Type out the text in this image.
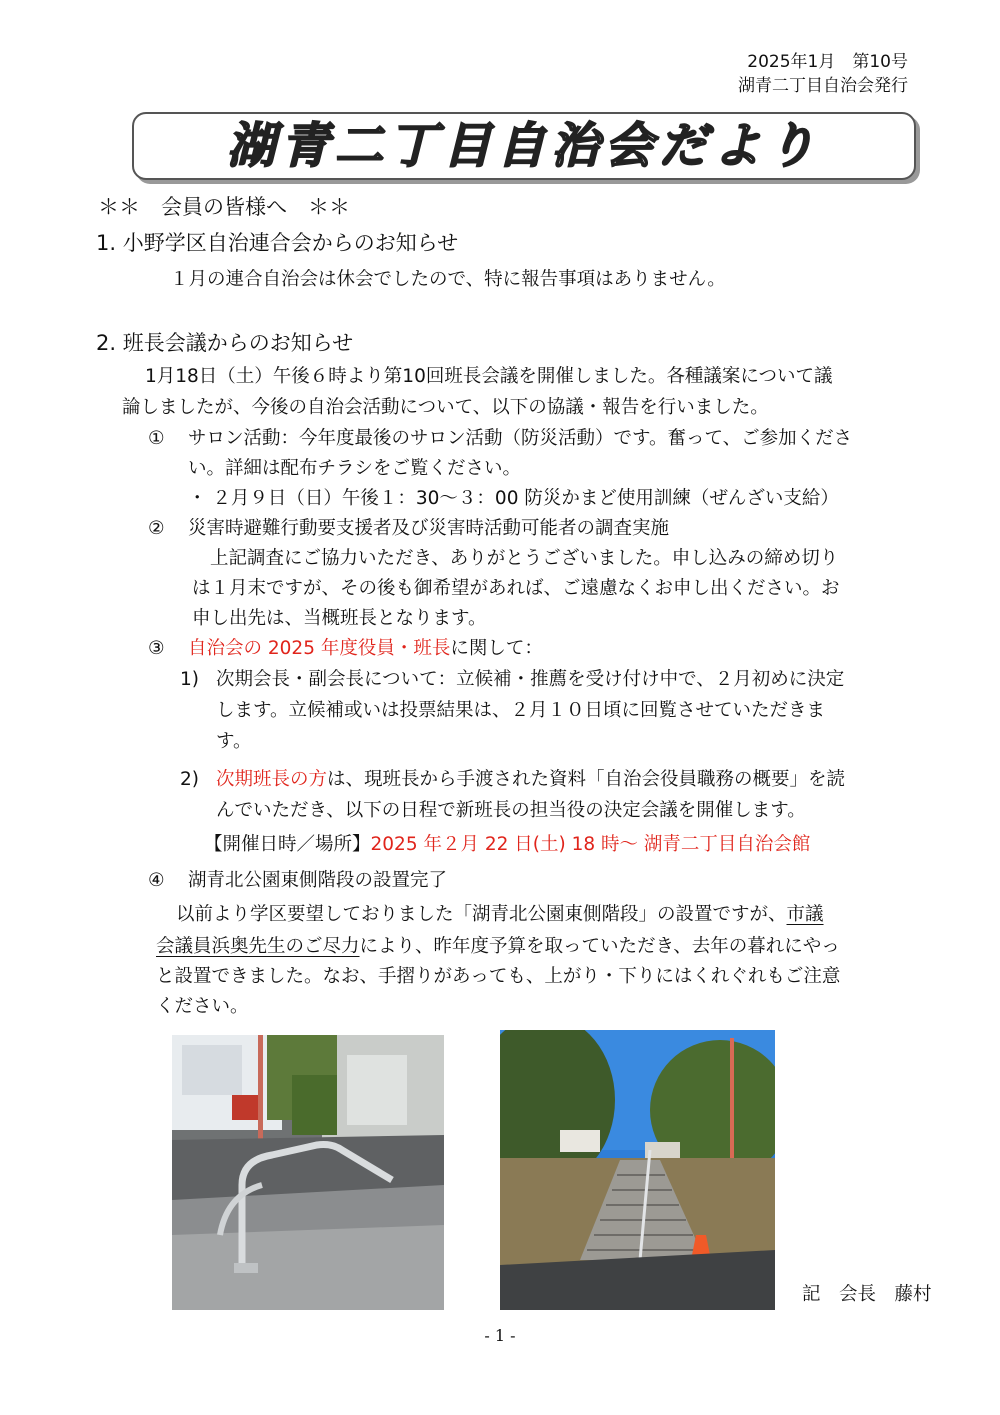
2025年1月　第10号
湖青二丁目自治会発行
湖青二丁目自治会だより
＊＊　会員の皆様へ　＊＊
1. 小野学区自治連合会からのお知らせ
１月の連合自治会は休会でしたので、特に報告事項はありません。
2. 班長会議からのお知らせ
1月18日（土）午後６時より第10回班長会議を開催しました。各種議案について議
論しましたが、今後の自治会活動について、以下の協議・報告を行いました。
① サロン活動：今年度最後のサロン活動（防災活動）です。奮って、ご参加くださ
い。詳細は配布チラシをご覧ください。
・ ２月９日（日）午後１：30～３：00 防災かまど使用訓練（ぜんざい支給）
② 災害時避難行動要支援者及び災害時活動可能者の調査実施
上記調査にご協力いただき、ありがとうございました。申し込みの締め切り
は１月末ですが、その後も御希望があれば、ご遠慮なくお申し出ください。お
申し出先は、当概班長となります。
③ 自治会の 2025 年度役員・班長に関して：
1) 次期会長・副会長について：立候補・推薦を受け付け中で、２月初めに決定
します。立候補或いは投票結果は、２月１０日頃に回覧させていただきま
す。
2) 次期班長の方は、現班長から手渡された資料「自治会役員職務の概要」を読
んでいただき、以下の日程で新班長の担当役の決定会議を開催します。
【開催日時／場所】2025 年２月 22 日(土) 18 時～ 湖青二丁目自治会館
④ 湖青北公園東側階段の設置完了
以前より学区要望しておりました「湖青北公園東側階段」の設置ですが、市議
会議員浜奥先生のご尽力により、昨年度予算を取っていただき、去年の暮れにやっ
と設置できました。なお、手摺りがあっても、上がり・下りにはくれぐれもご注意
ください。
記　会長　藤村
- 1 -
